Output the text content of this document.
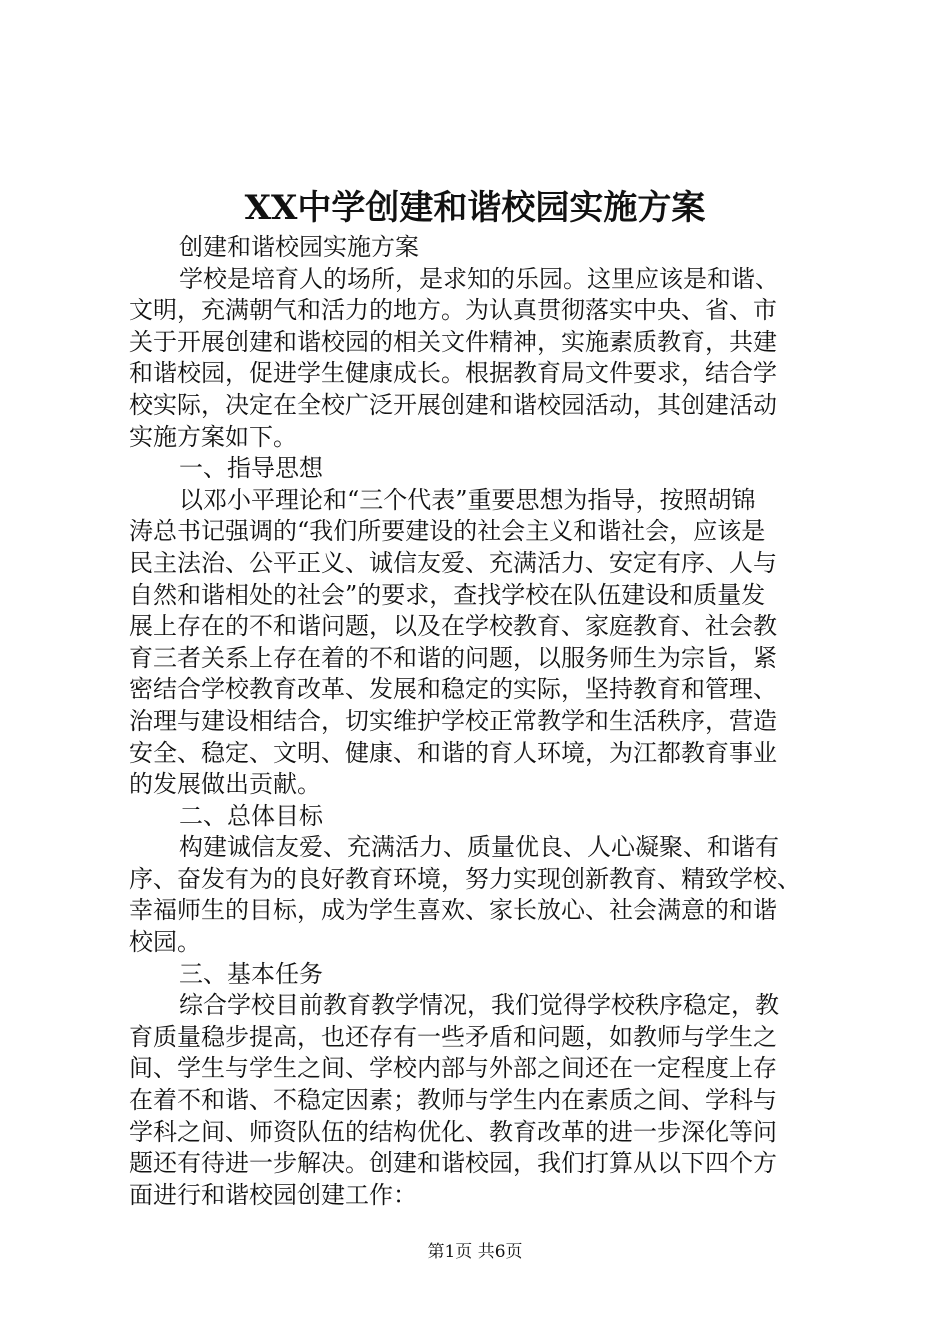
XX中学创建和谐校园实施方案
创建和谐校园实施方案
学校是培育人的场所，是求知的乐园。这里应该是和谐、
文明，充满朝气和活力的地方。为认真贯彻落实中央、省、市
关于开展创建和谐校园的相关文件精神，实施素质教育，共建
和谐校园，促进学生健康成长。根据教育局文件要求，结合学
校实际，决定在全校广泛开展创建和谐校园活动，其创建活动
实施方案如下。
一、指导思想
以邓小平理论和“三个代表”重要思想为指导，按照胡锦
涛总书记强调的“我们所要建设的社会主义和谐社会，应该是
民主法治、公平正义、诚信友爱、充满活力、安定有序、人与
自然和谐相处的社会”的要求，查找学校在队伍建设和质量发
展上存在的不和谐问题，以及在学校教育、家庭教育、社会教
育三者关系上存在着的不和谐的问题，以服务师生为宗旨，紧
密结合学校教育改革、发展和稳定的实际，坚持教育和管理、
治理与建设相结合，切实维护学校正常教学和生活秩序，营造
安全、稳定、文明、健康、和谐的育人环境，为江都教育事业
的发展做出贡献。
二、总体目标
构建诚信友爱、充满活力、质量优良、人心凝聚、和谐有
序、奋发有为的良好教育环境，努力实现创新教育、精致学校、
幸福师生的目标，成为学生喜欢、家长放心、社会满意的和谐
校园。
三、基本任务
综合学校目前教育教学情况，我们觉得学校秩序稳定，教
育质量稳步提高，也还存有一些矛盾和问题，如教师与学生之
间、学生与学生之间、学校内部与外部之间还在一定程度上存
在着不和谐、不稳定因素；教师与学生内在素质之间、学科与
学科之间、师资队伍的结构优化、教育改革的进一步深化等问
题还有待进一步解决。创建和谐校园，我们打算从以下四个方
面进行和谐校园创建工作：
第1页 共6页
